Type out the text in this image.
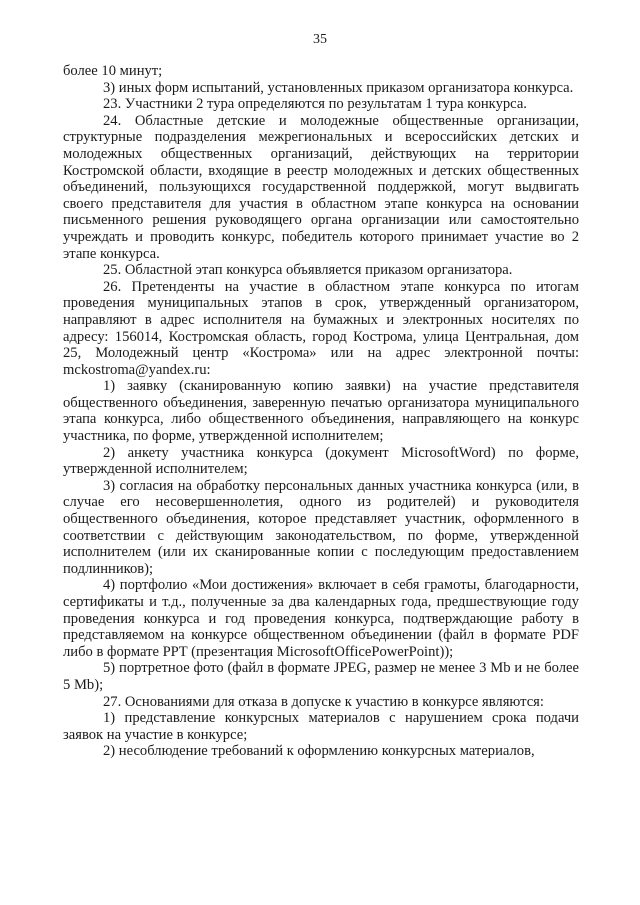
35

более 10 минут;

3) иных форм испытаний, установленных приказом организатора конкурса.

23. Участники 2 тура определяются по результатам 1 тура конкурса.

24. Областные детские и молодежные общественные организации, структурные подразделения межрегиональных и всероссийских детских и молодежных общественных организаций, действующих на территории Костромской области, входящие в реестр молодежных и детских общественных объединений, пользующихся государственной поддержкой, могут выдвигать своего представителя для участия в областном этапе конкурса на основании письменного решения руководящего органа организации или самостоятельно учреждать и проводить конкурс, победитель которого принимает участие во 2 этапе конкурса.

25. Областной этап конкурса объявляется приказом организатора.

26. Претенденты на участие в областном этапе конкурса по итогам проведения муниципальных этапов в срок, утвержденный организатором, направляют в адрес исполнителя на бумажных и электронных носителях по адресу: 156014, Костромская область, город Кострома, улица Центральная, дом 25, Молодежный центр «Кострома» или на адрес электронной почты: mckostroma@yandex.ru:

1) заявку (сканированную копию заявки) на участие представителя общественного объединения, заверенную печатью организатора муниципального этапа конкурса, либо общественного объединения, направляющего на конкурс участника, по форме, утвержденной исполнителем;

2) анкету участника конкурса (документ MicrosoftWord) по форме, утвержденной исполнителем;

3) согласия на обработку персональных данных участника конкурса (или, в случае его несовершеннолетия, одного из родителей) и руководителя общественного объединения, которое представляет участник, оформленного в соответствии с действующим законодательством, по форме, утвержденной исполнителем (или их сканированные копии с последующим предоставлением подлинников);

4) портфолио «Мои достижения» включает в себя грамоты, благодарности, сертификаты и т.д., полученные за два календарных года, предшествующие году проведения конкурса и год проведения конкурса, подтверждающие работу в представляемом на конкурсе общественном объединении (файл в формате PDF либо в формате PPT (презентация MicrosoftOfficePowerPoint));

5) портретное фото (файл в формате JPEG, размер не менее 3 Mb и не более 5 Mb);

27. Основаниями для отказа в допуске к участию в конкурсе являются:

1) представление конкурсных материалов с нарушением срока подачи заявок на участие в конкурсе;

2) несоблюдение требований к оформлению конкурсных материалов,
